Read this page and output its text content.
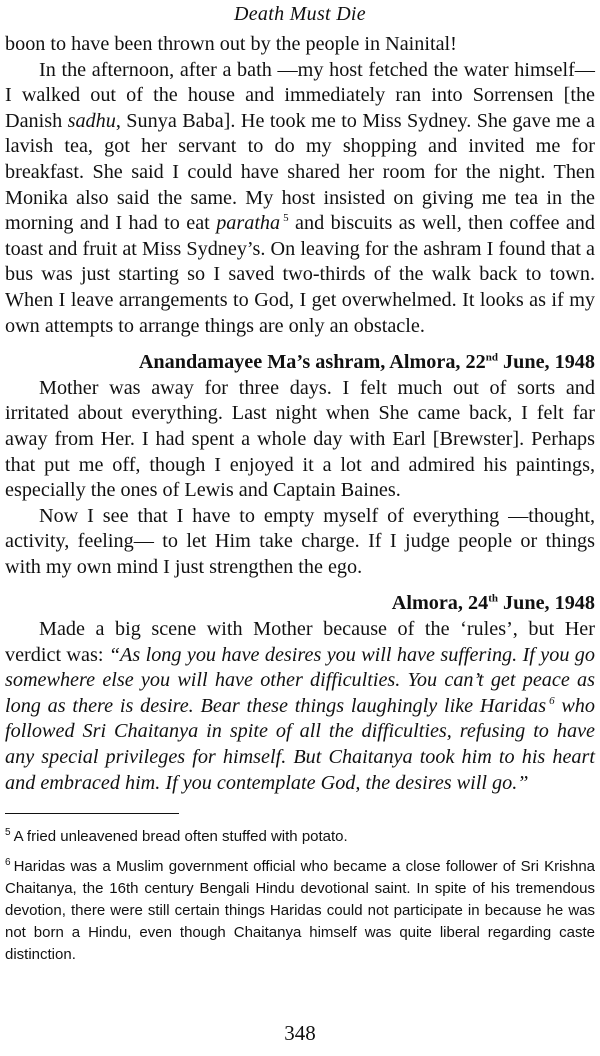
Death Must Die

boon to have been thrown out by the people in Nainital!

In the afternoon, after a bath —my host fetched the water himself— I walked out of the house and immediately ran into Sorrensen [the Danish sadhu, Sunya Baba]. He took me to Miss Sydney. She gave me a lavish tea, got her servant to do my shopping and invited me for breakfast. She said I could have shared her room for the night. Then Monika also said the same. My host insisted on giving me tea in the morning and I had to eat paratha $^5$ and biscuits as well, then coffee and toast and fruit at Miss Sydney’s. On leaving for the ashram I found that a bus was just starting so I saved two-thirds of the walk back to town. When I leave arrangements to God, I get overwhelmed. It looks as if my own attempts to arrange things are only an obstacle.

Anandamayee Ma’s ashram, Almora, 22nd June, 1948

Mother was away for three days. I felt much out of sorts and irritated about everything. Last night when She came back, I felt far away from Her. I had spent a whole day with Earl [Brewster]. Perhaps that put me off, though I enjoyed it a lot and admired his paintings, especially the ones of Lewis and Captain Baines.

Now I see that I have to empty myself of everything —thought, activity, feeling— to let Him take charge. If I judge people or things with my own mind I just strengthen the ego.

Almora, 24th June, 1948

Made a big scene with Mother because of the ‘rules’, but Her verdict was: “As long you have desires you will have suffering. If you go somewhere else you will have other difficulties. You can’t get peace as long as there is desire. Bear these things laughingly like Haridas $^6$ who followed Sri Chaitanya in spite of all the difficulties, refusing to have any special privileges for himself. But Chaitanya took him to his heart and embraced him. If you contemplate God, the desires will go.”

$^5$ A fried unleavened bread often stuffed with potato.

$^6$ Haridas was a Muslim government official who became a close follower of Sri Krishna Chaitanya, the 16th century Bengali Hindu devotional saint. In spite of his tremendous devotion, there were still certain things Haridas could not participate in because he was not born a Hindu, even though Chaitanya himself was quite liberal regarding caste distinction.

348
